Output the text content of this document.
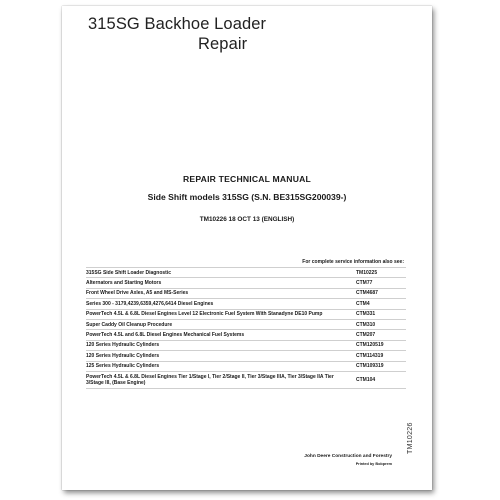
315SG Backhoe Loader
Repair
REPAIR TECHNICAL MANUAL
Side Shift models 315SG (S.N. BE315SG200039-)
TM10226 18 OCT 13 (ENGLISH)
For complete service information also see:
315SG Side Shift Loader Diagnostic	TM10225
Alternators and Starting Motors	CTM77
Front Wheel Drive Axles, A5 and MS-Series	CTM4687
Series 300 - 3179,4239,6359,4276,6414 Diesel Engines	CTM4
PowerTech 4.5L & 6.8L Diesel Engines Level 12 Electronic Fuel System With Stanadyne DE10 Pump	CTM331
Super Caddy Oil Cleanup Procedure	CTM310
PowerTech 4.5L and 6.8L Diesel Engines Mechanical Fuel Systems	CTM207
120 Series Hydraulic Cylinders	CTM120519
120 Series Hydraulic Cylinders	CTM114319
125 Series Hydraulic Cylinders	CTM109319
PowerTech 4.5L & 6.8L Diesel Engines Tier 1/Stage I, Tier 2/Stage II, Tier 3/Stage IIIA, Tier 3/Stage IIA Tier 3/Stage III, (Base Engine)	CTM104
John Deere Construction and Forestry
Printed by Bobprem
TM10226
